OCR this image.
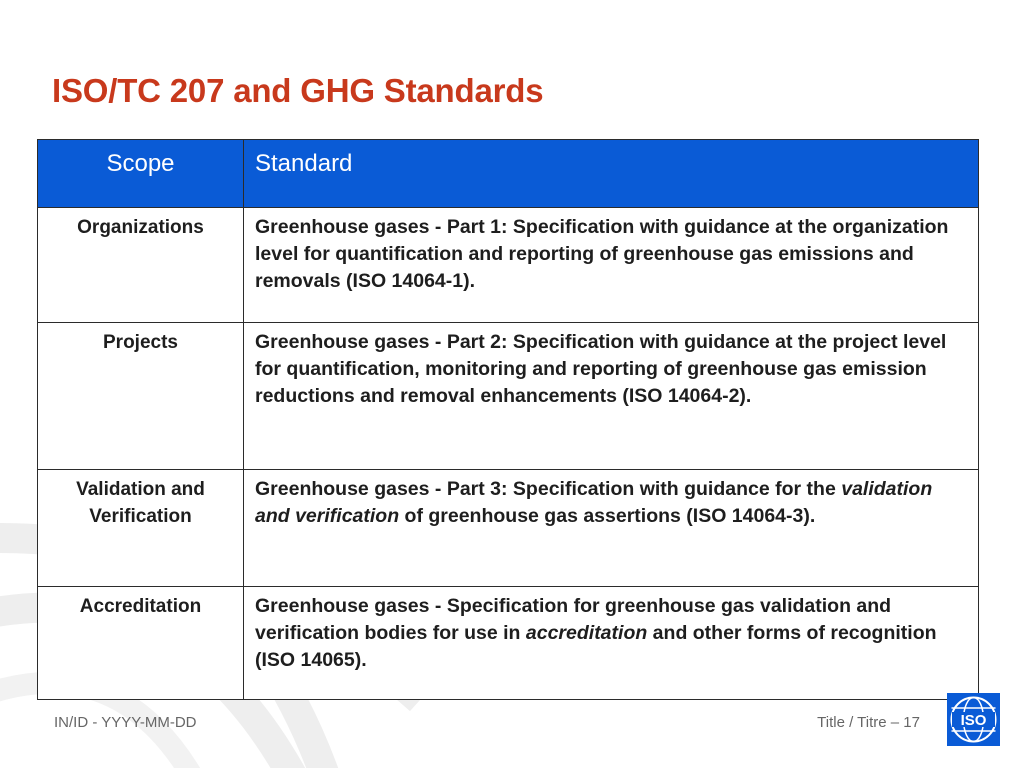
ISO/TC 207 and GHG Standards
Scope	Standard
Organizations	Greenhouse gases - Part 1: Specification with guidance at the organization level for quantification and reporting of greenhouse gas emissions and removals (ISO 14064-1).
Projects	Greenhouse gases - Part 2: Specification with guidance at the project level for quantification, monitoring and reporting of greenhouse gas emission reductions and removal enhancements (ISO 14064-2).
Validation and Verification	Greenhouse gases - Part 3: Specification with guidance for the validation and verification of greenhouse gas assertions (ISO 14064-3).
Accreditation	Greenhouse gases - Specification for greenhouse gas validation and verification bodies for use in accreditation and other forms of recognition (ISO 14065).
IN/ID - YYYY-MM-DD	Title / Titre – 17	ISO
